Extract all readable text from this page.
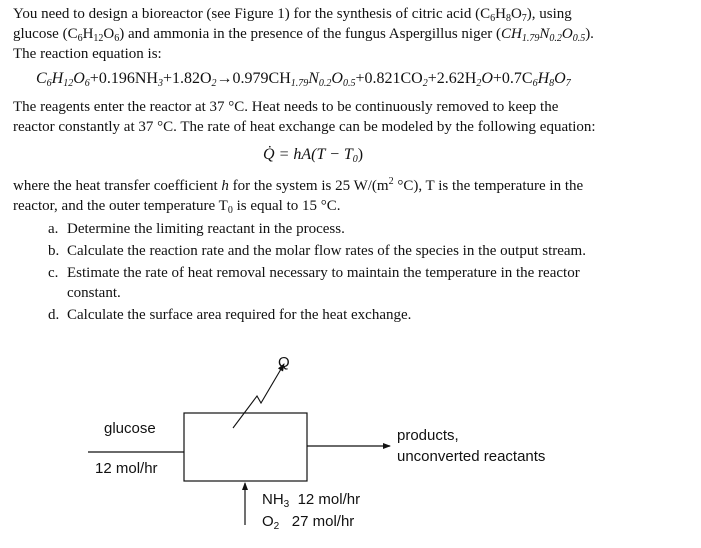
You need to design a bioreactor (see Figure 1) for the synthesis of citric acid $(C_6H_8O_7)$, using
glucose $(C_6H_{12}O_6)$ and ammonia in the presence of the fungus Aspergillus niger $(CH_{1.79}N_{0.2}O_{0.5})$.
The reaction equation is:
$C_6H_{12}O_6+0.196NH_3+1.82O_2\to 0.979CH_{1.79}N_{0.2}O_{0.5}+0.821CO_2+2.62H_2O+0.7C_6H_8O_7$
The reagents enter the reactor at 37 °C. Heat needs to be continuously removed to keep the
reactor constantly at 37 °C. The rate of heat exchange can be modeled by the following equation:
Q̇ = $hA(T - T_0)$
where the heat transfer coefficient h for the system is 25 $W/(m^2$ °C), T is the temperature in the
reactor, and the outer temperature $T_0$ is equal to 15 °C.
a. Determine the limiting reactant in the process.
b. Calculate the reaction rate and the molar flow rates of the species in the output stream.
c. Estimate the rate of heat removal necessary to maintain the temperature in the reactor
constant.
d. Calculate the surface area required for the heat exchange.
Q
glucose
12 mol/hr
products,
unconverted reactants
$NH_3$ 12 mol/hr
$O_2$ 27 mol/hr
